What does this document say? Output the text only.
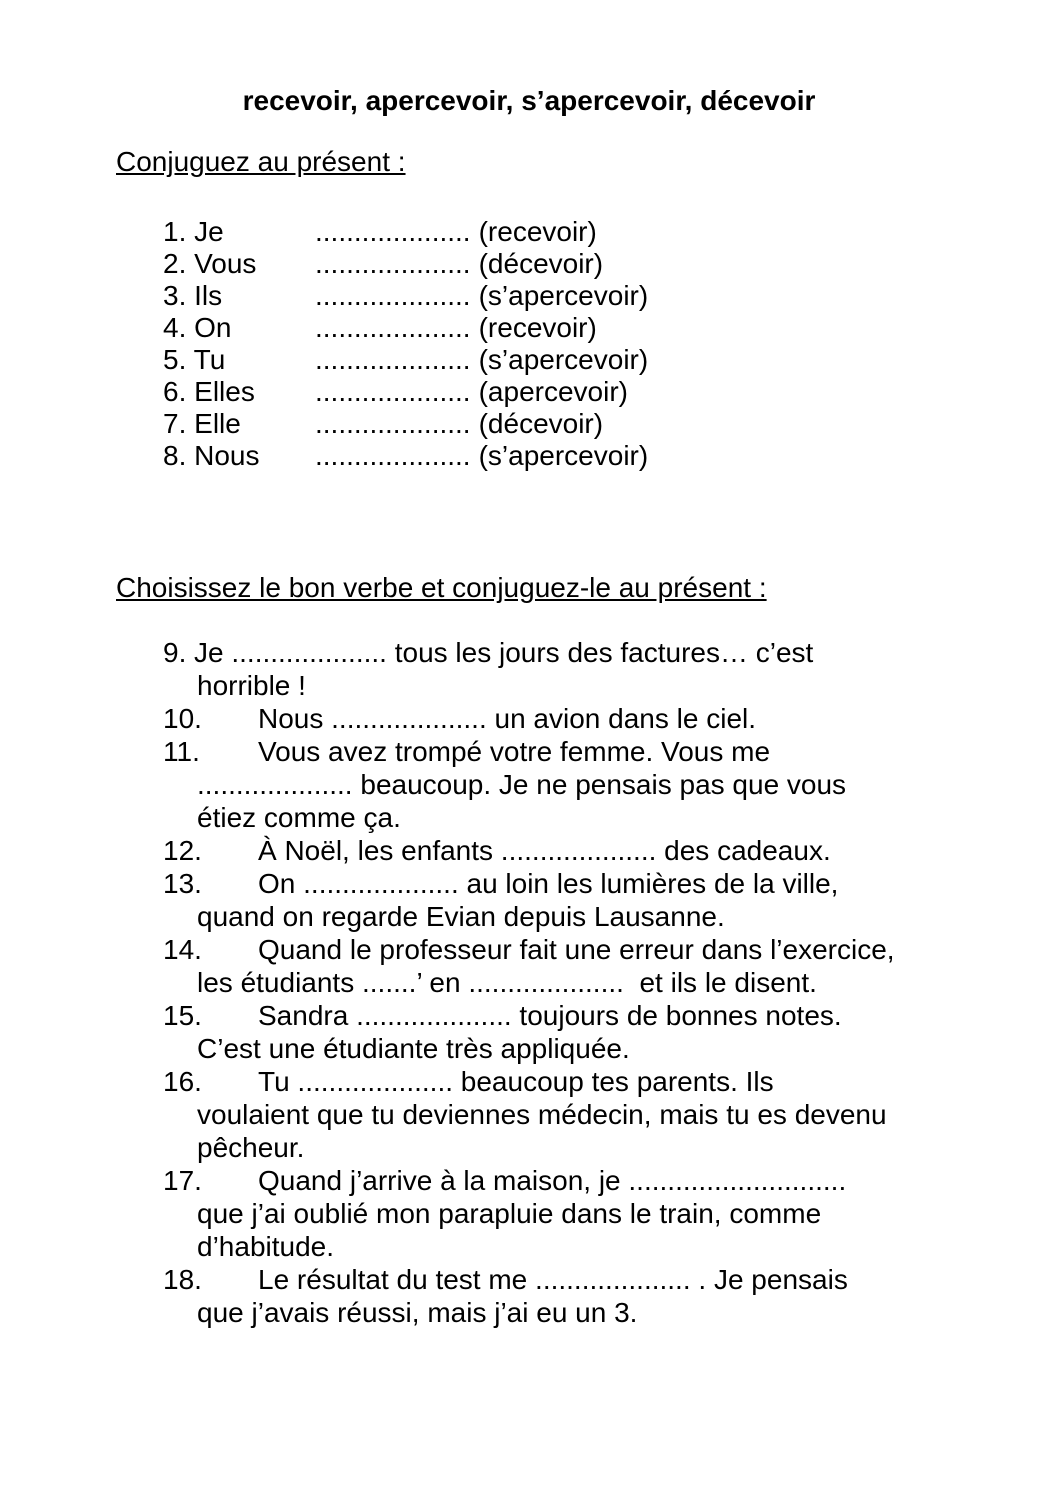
recevoir, apercevoir, s’apercevoir, décevoir
Conjuguez au présent :
1. Je	.................... (recevoir)
2. Vous .................... (décevoir)
3. Ils	.................... (s’apercevoir)
4. On	.................... (recevoir)
5. Tu	.................... (s’apercevoir)
6. Elles .................... (apercevoir)
7. Elle	.................... (décevoir)
8. Nous .................... (s’apercevoir)
Choisissez le bon verbe et conjuguez-le au présent :
9. Je .................... tous les jours des factures… c’est
horrible !
10. Nous .................... un avion dans le ciel.
11. Vous avez trompé votre femme. Vous me
.................... beaucoup. Je ne pensais pas que vous
étiez comme ça.
12. À Noël, les enfants .................... des cadeaux.
13. On .................... au loin les lumières de la ville,
quand on regarde Evian depuis Lausanne.
14. Quand le professeur fait une erreur dans l’exercice,
les étudiants .......’ en ....................  et ils le disent.
15. Sandra .................... toujours de bonnes notes.
C’est une étudiante très appliquée.
16. Tu .................... beaucoup tes parents. Ils
voulaient que tu deviennes médecin, mais tu es devenu
pêcheur.
17. Quand j’arrive à la maison, je ............................
que j’ai oublié mon parapluie dans le train, comme
d’habitude.
18. Le résultat du test me .................... . Je pensais
que j’avais réussi, mais j’ai eu un 3.
